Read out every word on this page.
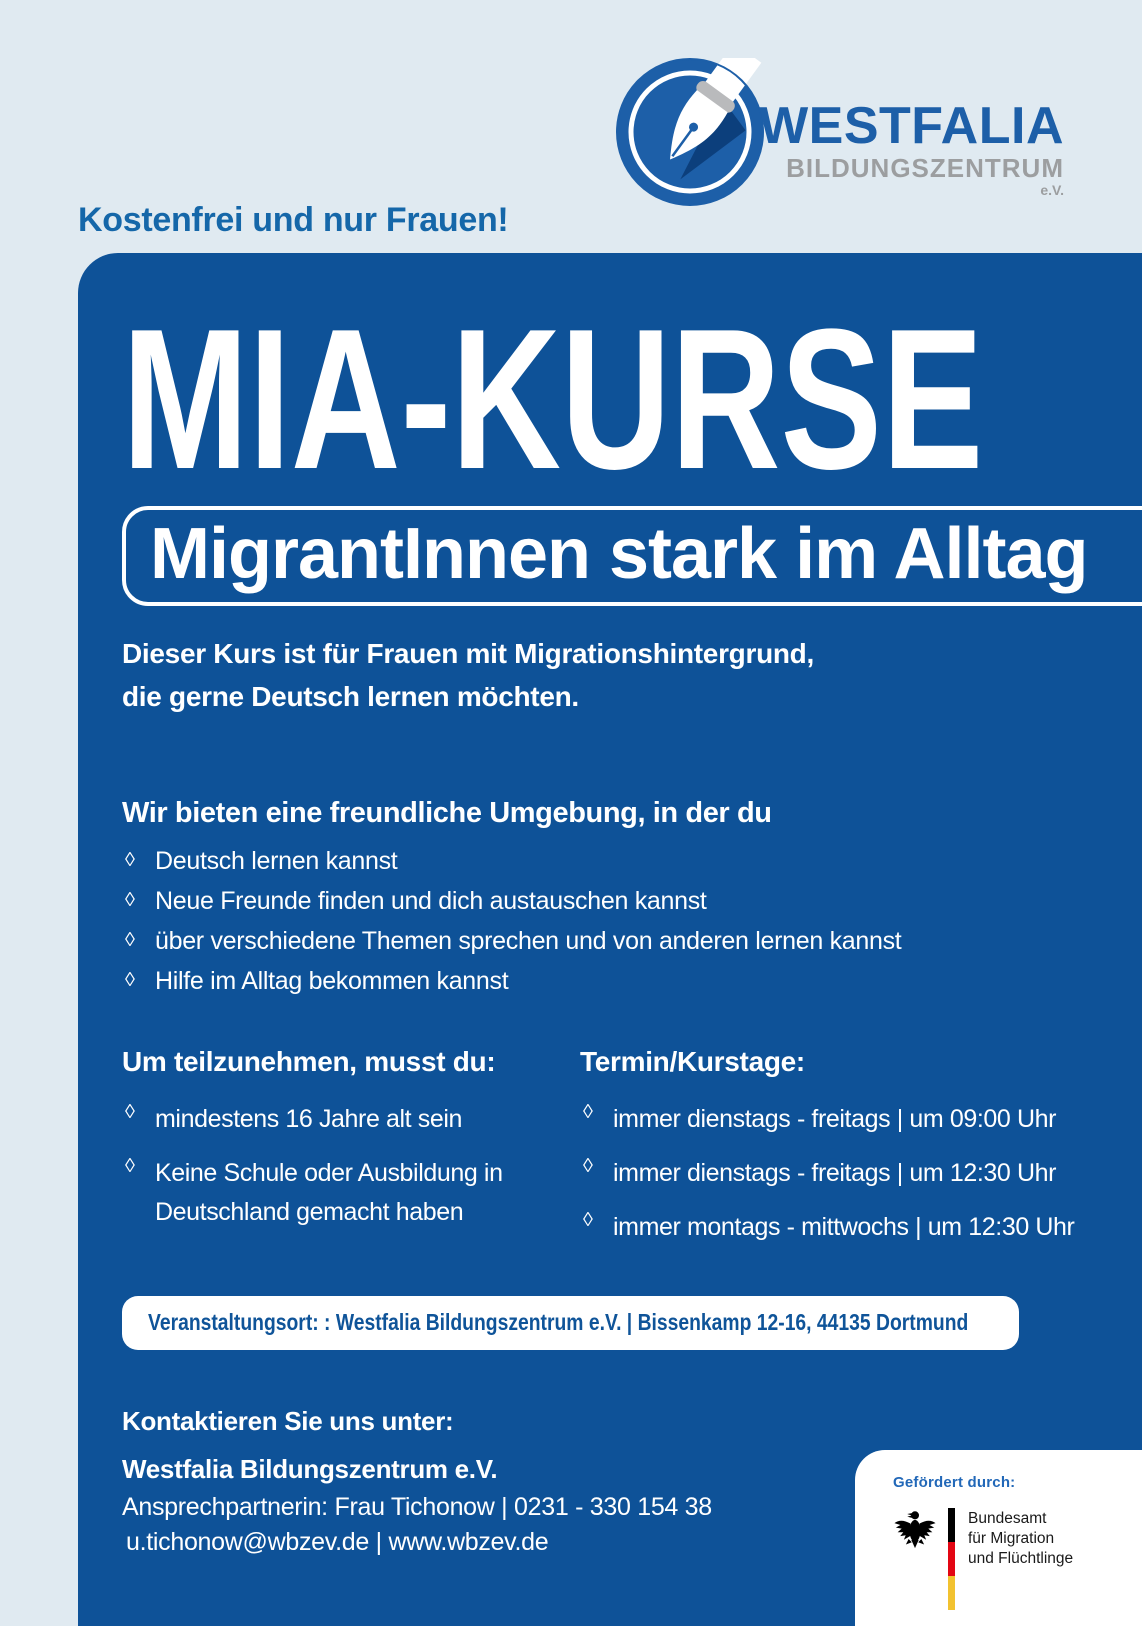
WESTFALIA
BILDUNGSZENTRUM
e.V.
Kostenfrei und nur Frauen!
MIA-KURSE
MigrantInnen stark im Alltag
Dieser Kurs ist für Frauen mit Migrationshintergrund,
die gerne Deutsch lernen möchten.
Wir bieten eine freundliche Umgebung, in der du
◊ Deutsch lernen kannst
◊ Neue Freunde finden und dich austauschen kannst
◊ über verschiedene Themen sprechen und von anderen lernen kannst
◊ Hilfe im Alltag bekommen kannst
Um teilzunehmen, musst du:
◊ mindestens 16 Jahre alt sein
◊ Keine Schule oder Ausbildung in Deutschland gemacht haben
Termin/Kurstage:
◊ immer dienstags - freitags | um 09:00 Uhr
◊ immer dienstags - freitags | um 12:30 Uhr
◊ immer montags - mittwochs | um 12:30 Uhr
Veranstaltungsort: : Westfalia Bildungszentrum e.V. | Bissenkamp 12-16, 44135 Dortmund
Kontaktieren Sie uns unter:
Westfalia Bildungszentrum e.V.
Ansprechpartnerin: Frau Tichonow | 0231 - 330 154 38
u.tichonow@wbzev.de | www.wbzev.de
Gefördert durch:
Bundesamt
für Migration
und Flüchtlinge
